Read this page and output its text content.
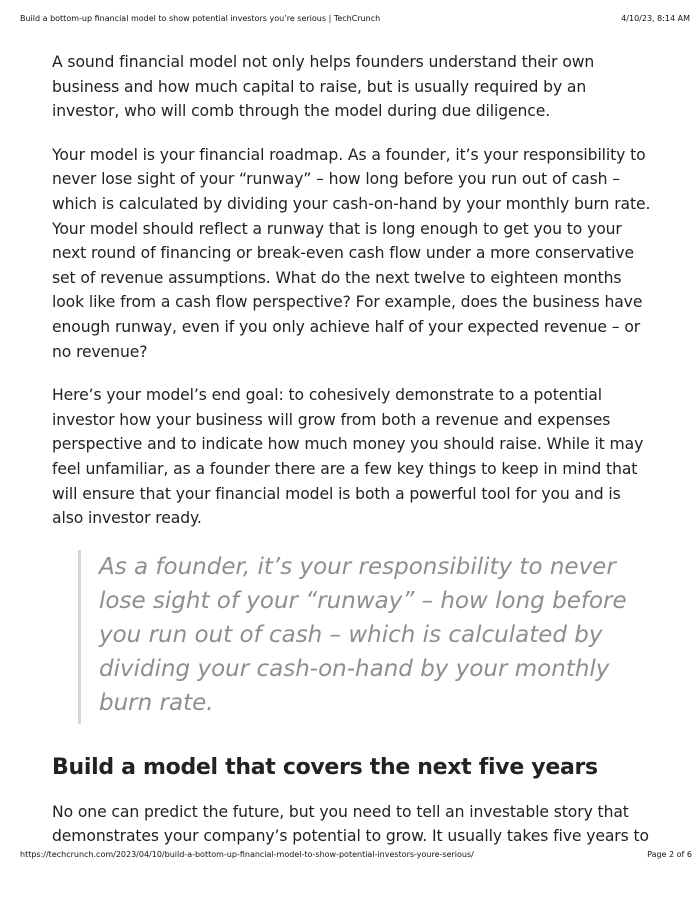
Build a bottom-up financial model to show potential investors you’re serious | TechCrunch	4/10/23, 8:14 AM

A sound financial model not only helps founders understand their own business and how much capital to raise, but is usually required by an investor, who will comb through the model during due diligence.

Your model is your financial roadmap. As a founder, it’s your responsibility to never lose sight of your “runway” – how long before you run out of cash – which is calculated by dividing your cash-on-hand by your monthly burn rate. Your model should reflect a runway that is long enough to get you to your next round of financing or break-even cash flow under a more conservative set of revenue assumptions. What do the next twelve to eighteen months look like from a cash flow perspective? For example, does the business have enough runway, even if you only achieve half of your expected revenue – or no revenue?

Here’s your model’s end goal: to cohesively demonstrate to a potential investor how your business will grow from both a revenue and expenses perspective and to indicate how much money you should raise. While it may feel unfamiliar, as a founder there are a few key things to keep in mind that will ensure that your financial model is both a powerful tool for you and is also investor ready.

As a founder, it’s your responsibility to never lose sight of your “runway” – how long before you run out of cash – which is calculated by dividing your cash-on-hand by your monthly burn rate.
Build a model that covers the next five years

No one can predict the future, but you need to tell an investable story that demonstrates your company’s potential to grow. It usually takes five years to

https://techcrunch.com/2023/04/10/build-a-bottom-up-financial-model-to-show-potential-investors-youre-serious/	Page 2 of 6
